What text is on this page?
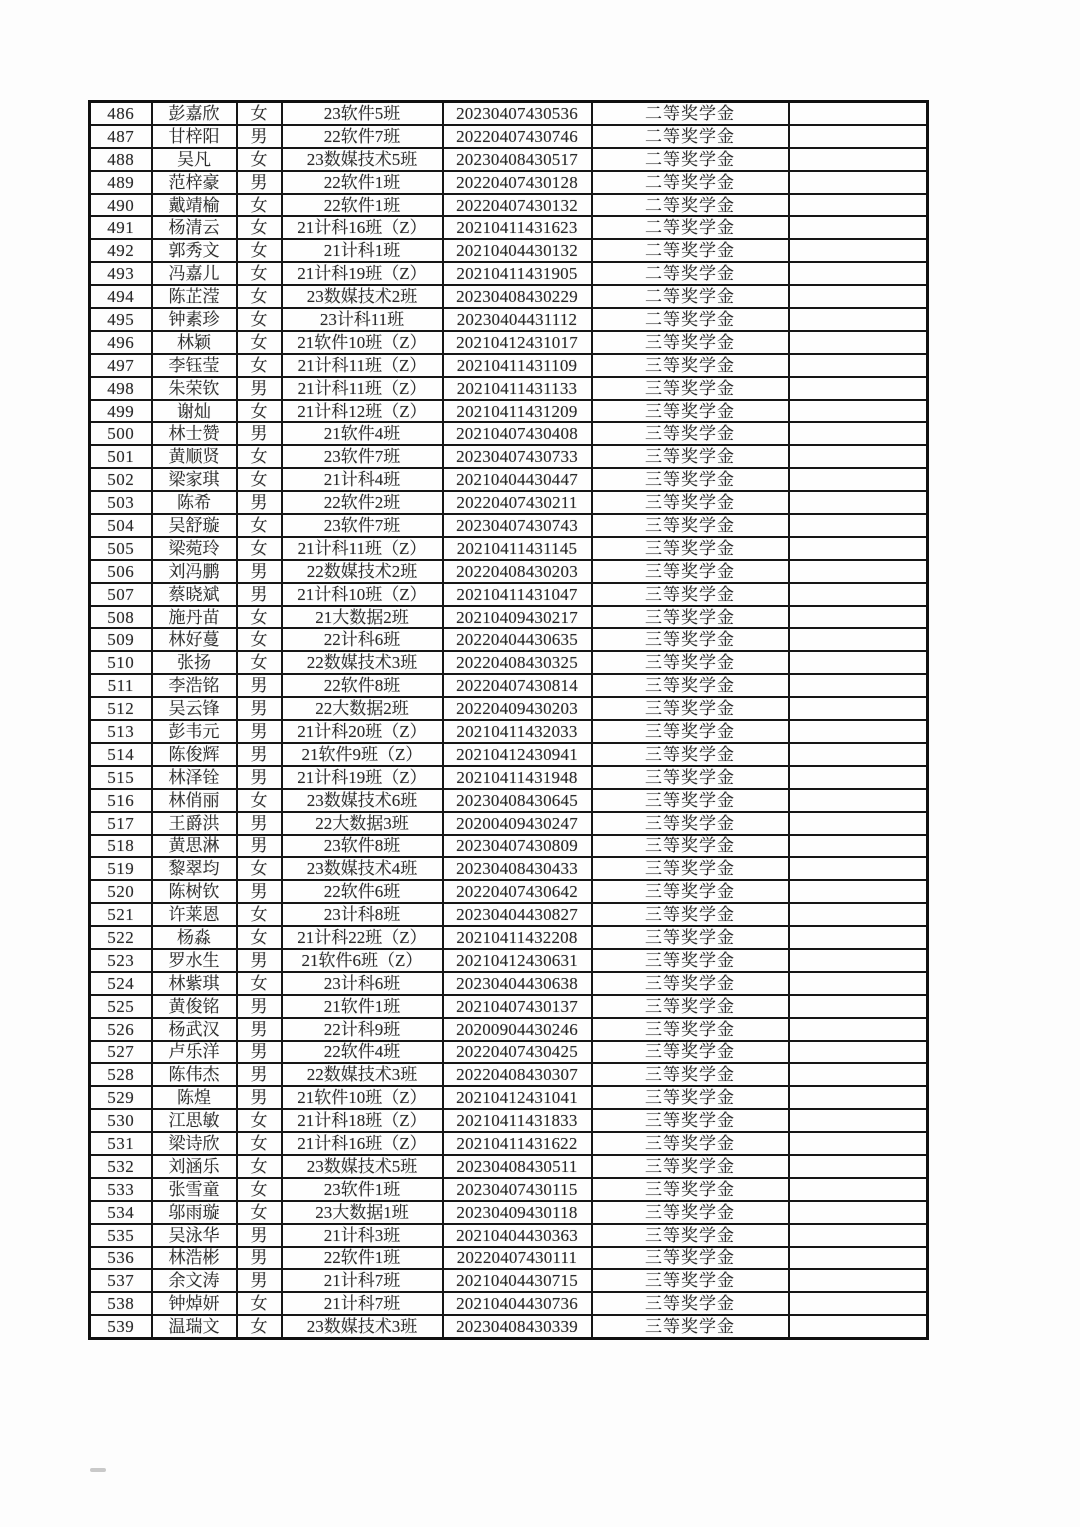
486	彭嘉欣	女	23软件5班	20230407430536	二等奖学金	
487	甘梓阳	男	22软件7班	20220407430746	二等奖学金	
488	吴凡	女	23数媒技术5班	20230408430517	二等奖学金	
489	范梓豪	男	22软件1班	20220407430128	二等奖学金	
490	戴靖榆	女	22软件1班	20220407430132	二等奖学金	
491	杨清云	女	21计科16班（Z）	20210411431623	二等奖学金	
492	郭秀文	女	21计科1班	20210404430132	二等奖学金	
493	冯嘉儿	女	21计科19班（Z）	20210411431905	二等奖学金	
494	陈芷滢	女	23数媒技术2班	20230408430229	二等奖学金	
495	钟素珍	女	23计科11班	20230404431112	二等奖学金	
496	林颖	女	21软件10班（Z）	20210412431017	三等奖学金	
497	李钰莹	女	21计科11班（Z）	20210411431109	三等奖学金	
498	朱荣钦	男	21计科11班（Z）	20210411431133	三等奖学金	
499	谢灿	女	21计科12班（Z）	20210411431209	三等奖学金	
500	林士赞	男	21软件4班	20210407430408	三等奖学金	
501	黄顺贤	女	23软件7班	20230407430733	三等奖学金	
502	梁家琪	女	21计科4班	20210404430447	三等奖学金	
503	陈希	男	22软件2班	20220407430211	三等奖学金	
504	吴舒璇	女	23软件7班	20230407430743	三等奖学金	
505	梁菀玲	女	21计科11班（Z）	20210411431145	三等奖学金	
506	刘冯鹏	男	22数媒技术2班	20220408430203	三等奖学金	
507	蔡晓斌	男	21计科10班（Z）	20210411431047	三等奖学金	
508	施丹苗	女	21大数据2班	20210409430217	三等奖学金	
509	林好蔓	女	22计科6班	20220404430635	三等奖学金	
510	张扬	女	22数媒技术3班	20220408430325	三等奖学金	
511	李浩铭	男	22软件8班	20220407430814	三等奖学金	
512	吴云锋	男	22大数据2班	20220409430203	三等奖学金	
513	彭韦元	男	21计科20班（Z）	20210411432033	三等奖学金	
514	陈俊辉	男	21软件9班（Z）	20210412430941	三等奖学金	
515	林泽铨	男	21计科19班（Z）	20210411431948	三等奖学金	
516	林俏丽	女	23数媒技术6班	20230408430645	三等奖学金	
517	王爵洪	男	22大数据3班	20200409430247	三等奖学金	
518	黄思淋	男	23软件8班	20230407430809	三等奖学金	
519	黎翠均	女	23数媒技术4班	20230408430433	三等奖学金	
520	陈树钦	男	22软件6班	20220407430642	三等奖学金	
521	许莱恩	女	23计科8班	20230404430827	三等奖学金	
522	杨淼	女	21计科22班（Z）	20210411432208	三等奖学金	
523	罗水生	男	21软件6班（Z）	20210412430631	三等奖学金	
524	林紫琪	女	23计科6班	20230404430638	三等奖学金	
525	黄俊铭	男	21软件1班	20210407430137	三等奖学金	
526	杨武汉	男	22计科9班	20200904430246	三等奖学金	
527	卢乐洋	男	22软件4班	20220407430425	三等奖学金	
528	陈伟杰	男	22数媒技术3班	20220408430307	三等奖学金	
529	陈煌	男	21软件10班（Z）	20210412431041	三等奖学金	
530	江思敏	女	21计科18班（Z）	20210411431833	三等奖学金	
531	梁诗欣	女	21计科16班（Z）	20210411431622	三等奖学金	
532	刘涵乐	女	23数媒技术5班	20230408430511	三等奖学金	
533	张雪童	女	23软件1班	20230407430115	三等奖学金	
534	邬雨璇	女	23大数据1班	20230409430118	三等奖学金	
535	吴泳华	男	21计科3班	20210404430363	三等奖学金	
536	林浩彬	男	22软件1班	20220407430111	三等奖学金	
537	余文涛	男	21计科7班	20210404430715	三等奖学金	
538	钟焯妍	女	21计科7班	20210404430736	三等奖学金	
539	温瑞文	女	23数媒技术3班	20230408430339	三等奖学金	
